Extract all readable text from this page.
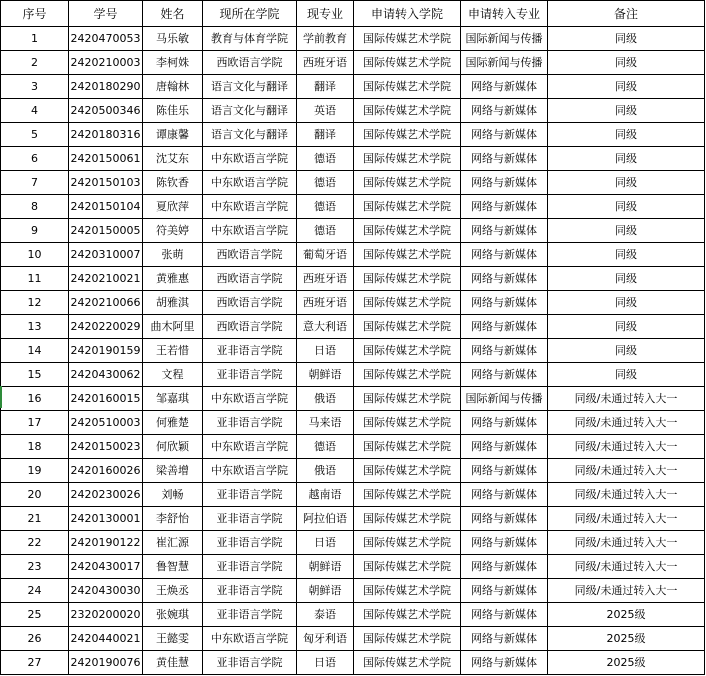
序号	学号	姓名	现所在学院	现专业	申请转入学院	申请转入专业	备注
1	2420470053	马乐敏	教育与体育学院	学前教育	国际传媒艺术学院	国际新闻与传播	同级
2	2420210003	李柯姝	西欧语言学院	西班牙语	国际传媒艺术学院	国际新闻与传播	同级
3	2420180290	唐翰林	语言文化与翻译	翻译	国际传媒艺术学院	网络与新媒体	同级
4	2420500346	陈佳乐	语言文化与翻译	英语	国际传媒艺术学院	网络与新媒体	同级
5	2420180316	谭康馨	语言文化与翻译	翻译	国际传媒艺术学院	网络与新媒体	同级
6	2420150061	沈艾东	中东欧语言学院	德语	国际传媒艺术学院	网络与新媒体	同级
7	2420150103	陈钦香	中东欧语言学院	德语	国际传媒艺术学院	网络与新媒体	同级
8	2420150104	夏欣萍	中东欧语言学院	德语	国际传媒艺术学院	网络与新媒体	同级
9	2420150005	符美婷	中东欧语言学院	德语	国际传媒艺术学院	网络与新媒体	同级
10	2420310007	张萌	西欧语言学院	葡萄牙语	国际传媒艺术学院	网络与新媒体	同级
11	2420210021	黄雅惠	西欧语言学院	西班牙语	国际传媒艺术学院	网络与新媒体	同级
12	2420210066	胡雅淇	西欧语言学院	西班牙语	国际传媒艺术学院	网络与新媒体	同级
13	2420220029	曲木阿里	西欧语言学院	意大利语	国际传媒艺术学院	网络与新媒体	同级
14	2420190159	王若惜	亚非语言学院	日语	国际传媒艺术学院	网络与新媒体	同级
15	2420430062	文程	亚非语言学院	朝鲜语	国际传媒艺术学院	网络与新媒体	同级
16	2420160015	邹嘉琪	中东欧语言学院	俄语	国际传媒艺术学院	国际新闻与传播	同级/未通过转入大一
17	2420510003	何雅楚	亚非语言学院	马来语	国际传媒艺术学院	网络与新媒体	同级/未通过转入大一
18	2420150023	何欣颖	中东欧语言学院	德语	国际传媒艺术学院	网络与新媒体	同级/未通过转入大一
19	2420160026	梁善增	中东欧语言学院	俄语	国际传媒艺术学院	网络与新媒体	同级/未通过转入大一
20	2420230026	刘畅	亚非语言学院	越南语	国际传媒艺术学院	网络与新媒体	同级/未通过转入大一
21	2420130001	李舒怡	亚非语言学院	阿拉伯语	国际传媒艺术学院	网络与新媒体	同级/未通过转入大一
22	2420190122	崔汇源	亚非语言学院	日语	国际传媒艺术学院	网络与新媒体	同级/未通过转入大一
23	2420430017	鲁智慧	亚非语言学院	朝鲜语	国际传媒艺术学院	网络与新媒体	同级/未通过转入大一
24	2420430030	王焕丞	亚非语言学院	朝鲜语	国际传媒艺术学院	网络与新媒体	同级/未通过转入大一
25	2320200020	张婉琪	亚非语言学院	泰语	国际传媒艺术学院	网络与新媒体	2025级
26	2420440021	王懿雯	中东欧语言学院	匈牙利语	国际传媒艺术学院	网络与新媒体	2025级
27	2420190076	黄佳慧	亚非语言学院	日语	国际传媒艺术学院	网络与新媒体	2025级
